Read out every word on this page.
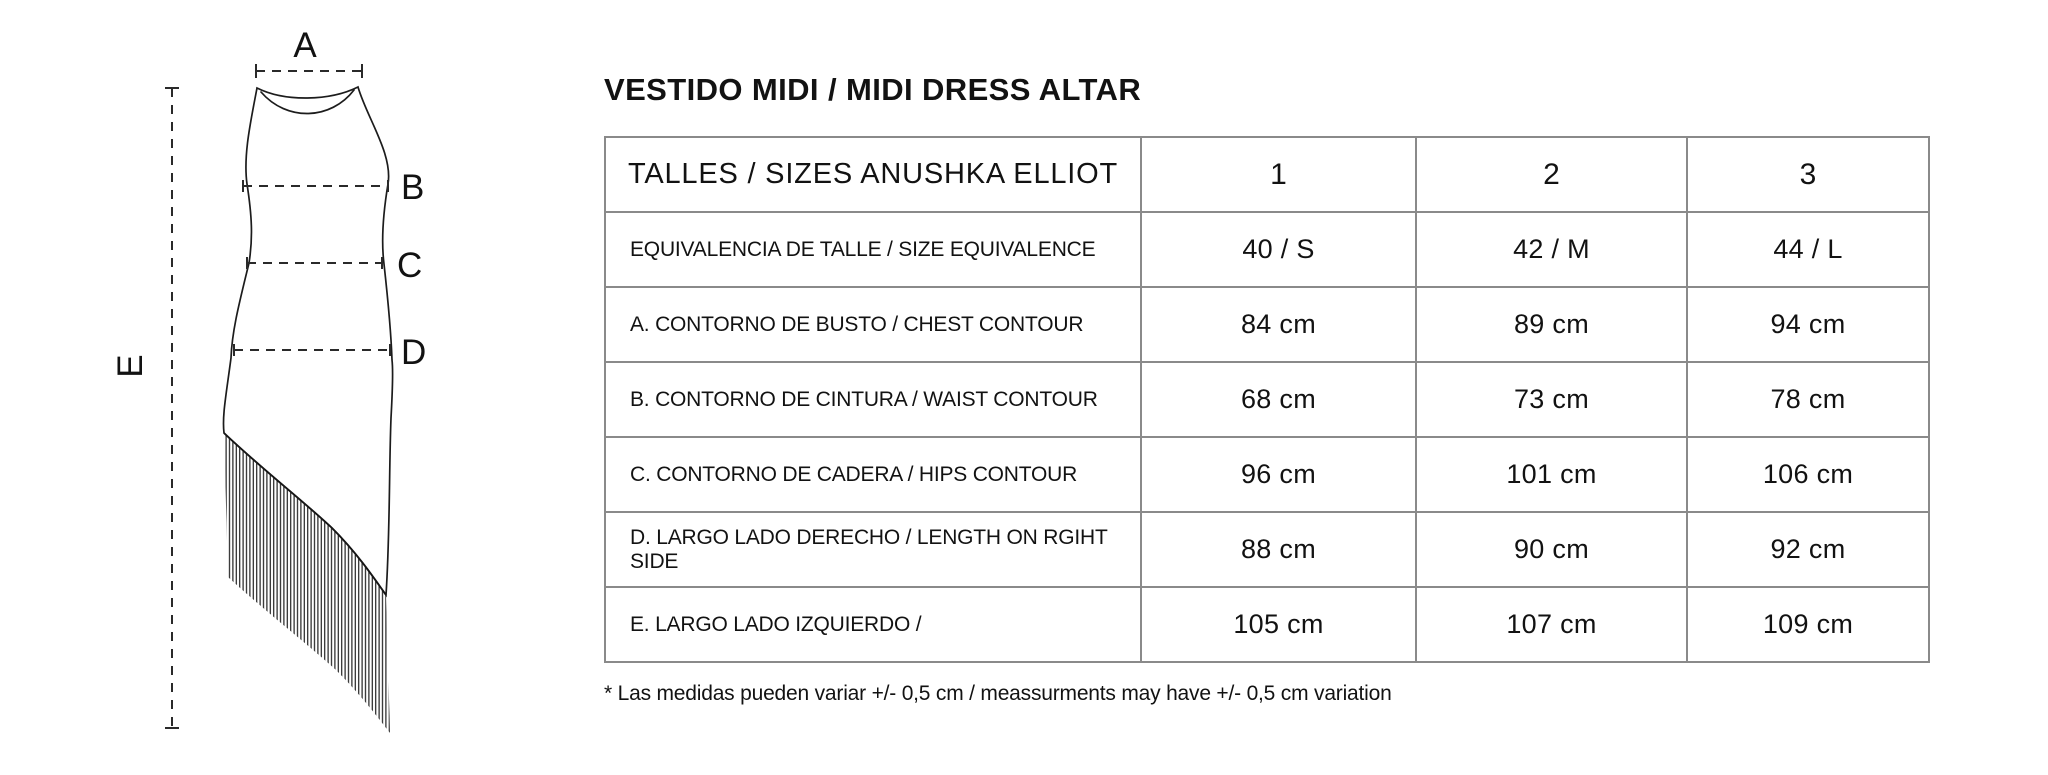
A
B
C
D
E
VESTIDO MIDI / MIDI DRESS ALTAR
TALLES / SIZES ANUSHKA ELLIOT	1	2	3
EQUIVALENCIA DE TALLE / SIZE EQUIVALENCE	40 / S	42 / M	44 / L
A. CONTORNO DE BUSTO / CHEST CONTOUR	84 cm	89 cm	94 cm
B. CONTORNO DE CINTURA / WAIST CONTOUR	68 cm	73 cm	78 cm
C. CONTORNO DE CADERA / HIPS CONTOUR	96 cm	101 cm	106 cm
D. LARGO LADO DERECHO / LENGTH ON RGIHT SIDE	88 cm	90 cm	92 cm
E. LARGO LADO IZQUIERDO /	105 cm	107 cm	109 cm

* Las medidas pueden variar +/- 0,5 cm / meassurments may have +/- 0,5 cm variation
